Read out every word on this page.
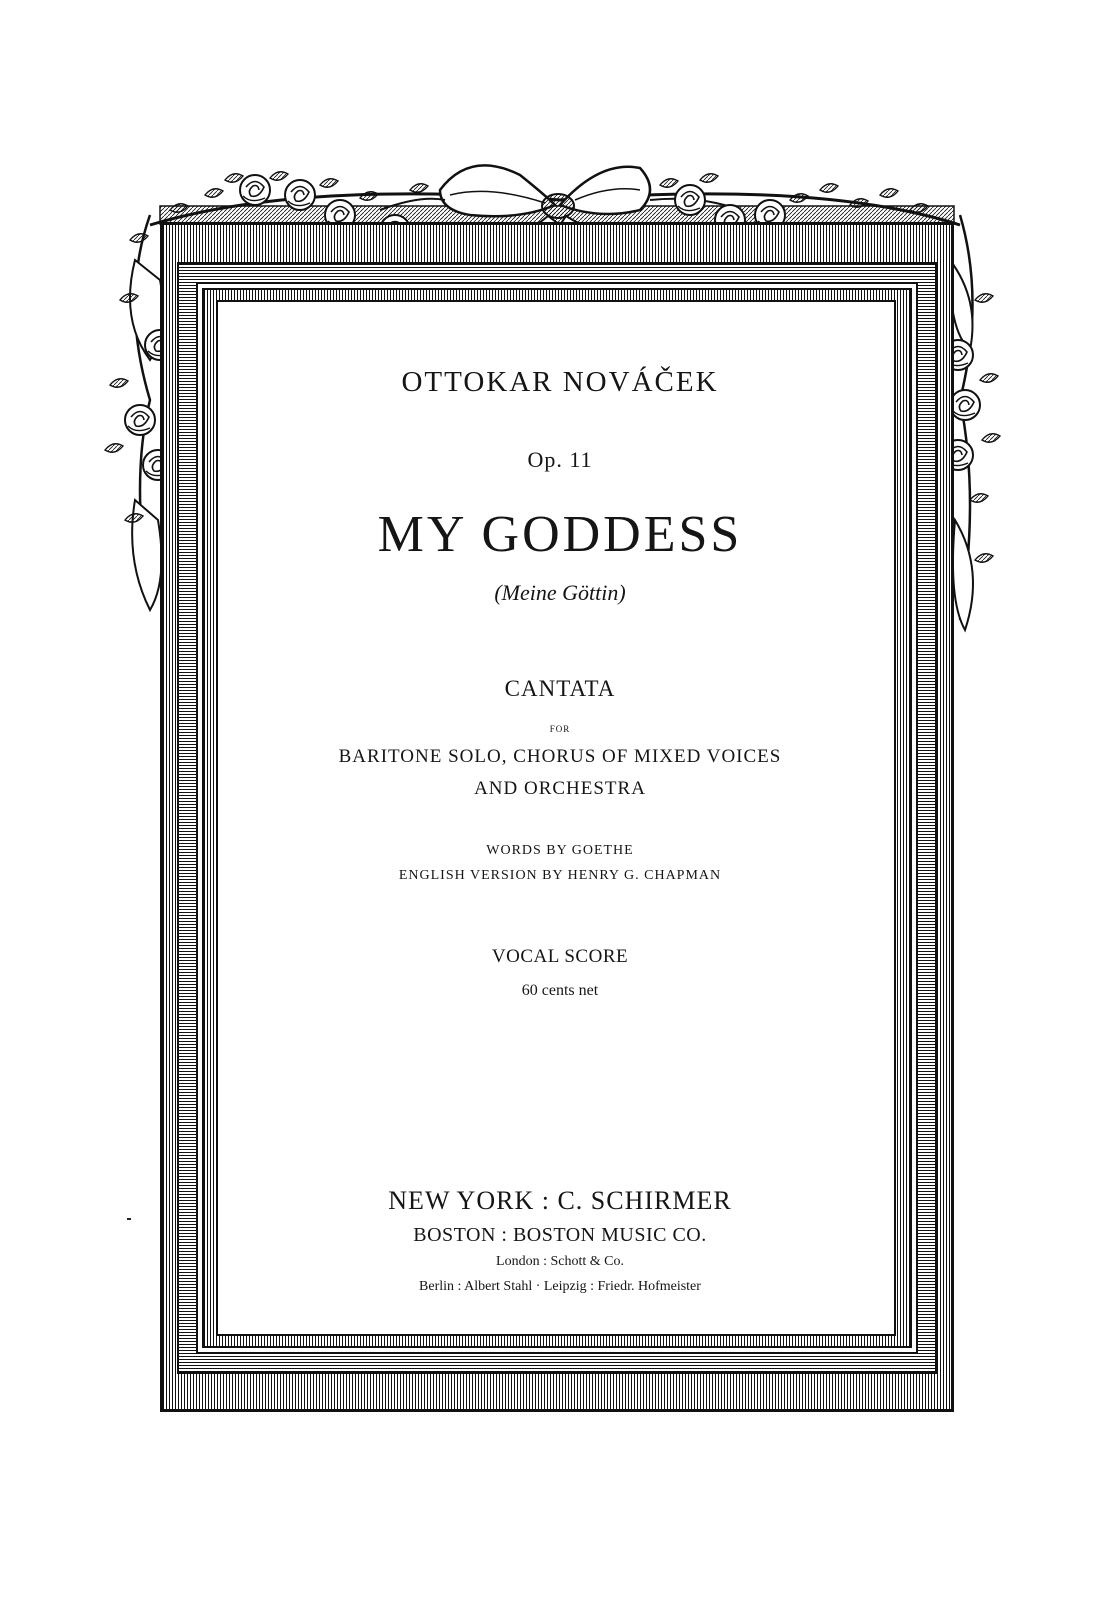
OTTOKAR NOVÁČEK
Op. 11
MY GODDESS
(Meine Göttin)
CANTATA
FOR
BARITONE SOLO, CHORUS OF MIXED VOICES
AND ORCHESTRA
WORDS BY GOETHE
ENGLISH VERSION BY HENRY G. CHAPMAN
VOCAL SCORE
60 cents net
NEW YORK : C. SCHIRMER
BOSTON : BOSTON MUSIC CO.
London : Schott & Co.
Berlin : Albert Stahl · Leipzig : Friedr. Hofmeister
